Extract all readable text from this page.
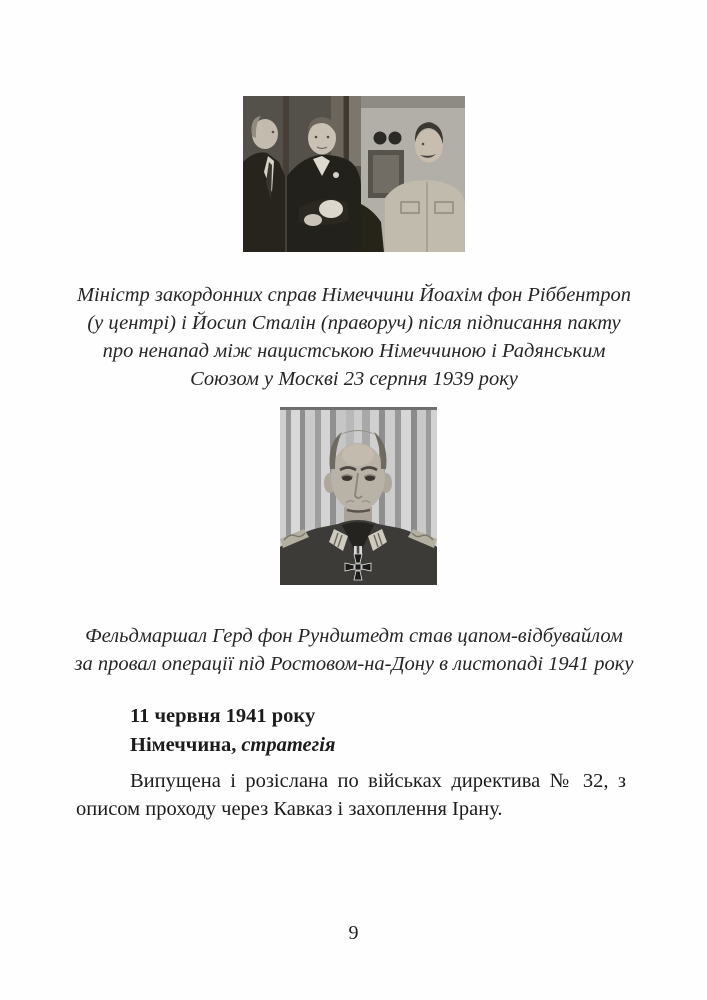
Міністр закордонних справ Німеччини Йоахім фон Ріббентроп (у центрі) і Йосип Сталін (праворуч) після підписання пакту про ненапад між нацистською Німеччиною і Радянським Союзом у Москві 23 серпня 1939 року

Фельдмаршал Герд фон Рундштедт став цапом-відбувайлом за провал операції під Ростовом-на-Дону в листопаді 1941 року

11 червня 1941 року
Німеччина, стратегія

Випущена і розіслана по військах директива № 32, з описом проходу через Кавказ і захоплення Ірану.

9
